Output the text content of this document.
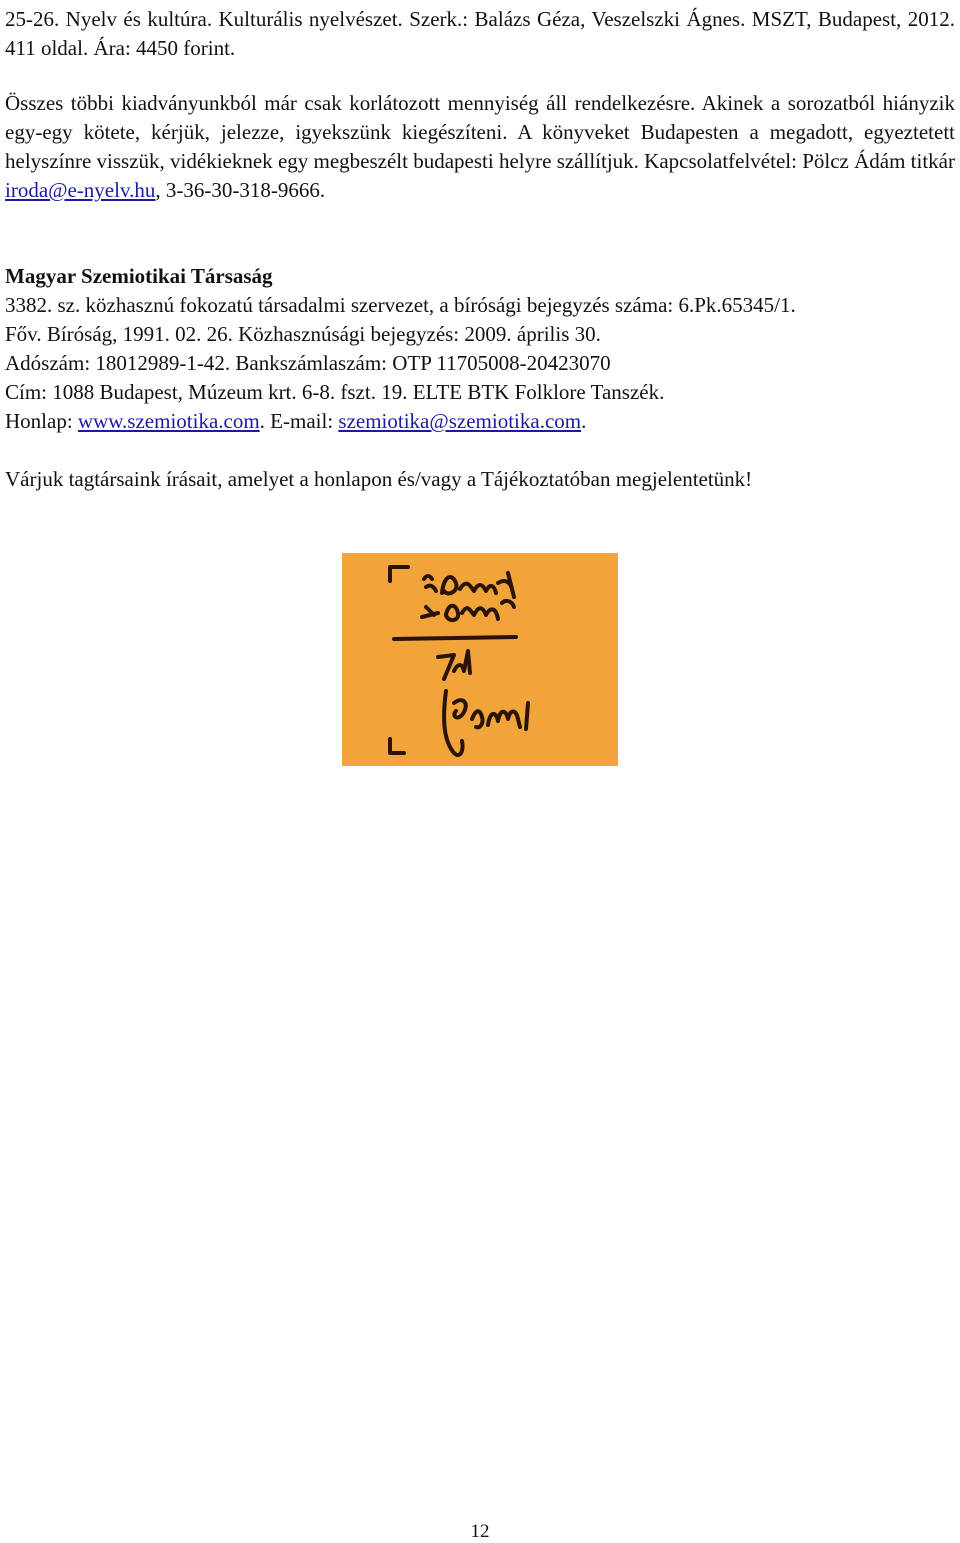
25-26. Nyelv és kultúra. Kulturális nyelvészet. Szerk.: Balázs Géza, Veszelszki Ágnes. MSZT, Budapest, 2012. 411 oldal. Ára: 4450 forint.

Összes többi kiadványunkból már csak korlátozott mennyiség áll rendelkezésre. Akinek a sorozatból hiányzik egy-egy kötete, kérjük, jelezze, igyekszünk kiegészíteni. A könyveket Budapesten a megadott, egyeztetett helyszínre visszük, vidékieknek egy megbeszélt budapesti helyre szállítjuk. Kapcsolatfelvétel: Pölcz Ádám titkár iroda@e-nyelv.hu, 3-36-30-318-9666.

Magyar Szemiotikai Társaság

3382. sz. közhasznú fokozatú társadalmi szervezet, a bírósági bejegyzés száma: 6.Pk.65345/1.

Főv. Bíróság, 1991. 02. 26. Közhasznúsági bejegyzés: 2009. április 30.

Adószám: 18012989-1-42. Bankszámlaszám: OTP 11705008-20423070

Cím: 1088 Budapest, Múzeum krt. 6-8. fszt. 19. ELTE BTK Folklore Tanszék.

Honlap: www.szemiotika.com. E-mail: szemiotika@szemiotika.com.

Várjuk tagtársaink írásait, amelyet a honlapon és/vagy a Tájékoztatóban megjelentetünk!

12
